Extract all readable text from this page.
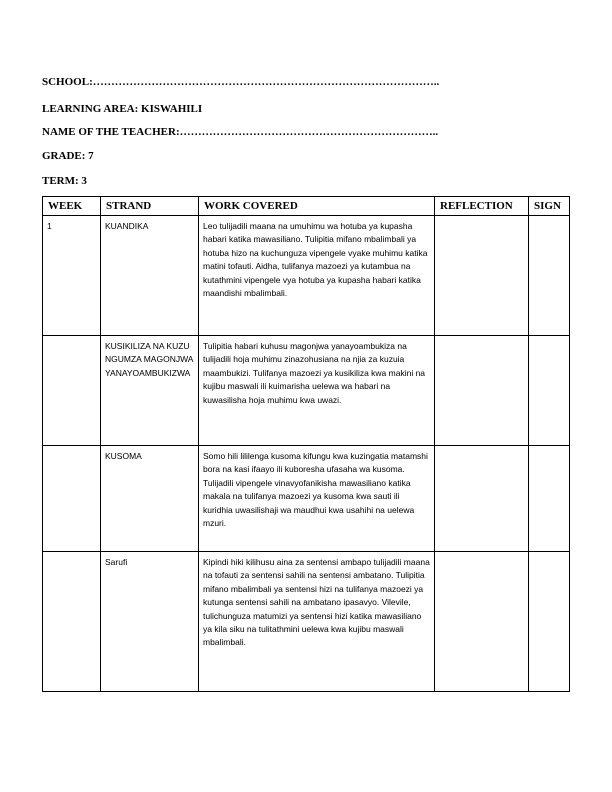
SCHOOL:…………………………………………………………………………………..
LEARNING AREA: KISWAHILI
NAME OF THE TEACHER:……………………………………………………………..
GRADE: 7
TERM: 3
WEEK	STRAND	WORK COVERED	REFLECTION	SIGN
1	KUANDIKA	Leo tulijadili maana na umuhimu wa hotuba ya kupasha habari katika mawasiliano. Tulipitia mifano mbalimbali ya hotuba hizo na kuchunguza vipengele vyake muhimu katika matini tofauti. Aidha, tulifanya mazoezi ya kutambua na kutathmini vipengele vya hotuba ya kupasha habari katika maandishi mbalimbali.		
	KUSIKILIZA NA KUZUNGUMZA MAGONJWA YANAYOAMBUKIZWA	Tulipitia habari kuhusu magonjwa yanayoambukiza na tulijadili hoja muhimu zinazohusiana na njia za kuzuia maambukizi. Tulifanya mazoezi ya kusikiliza kwa makini na kujibu maswali ili kuimarisha uelewa wa habari na kuwasilisha hoja muhimu kwa uwazi.		
	KUSOMA	Somo hili lililenga kusoma kifungu kwa kuzingatia matamshi bora na kasi ifaayo ili kuboresha ufasaha wa kusoma. Tulijadili vipengele vinavyofanikisha mawasiliano katika makala na tulifanya mazoezi ya kusoma kwa sauti ili kuridhia uwasilishaji wa maudhui kwa usahihi na uelewa mzuri.		
	Sarufi	Kipindi hiki kilihusu aina za sentensi ambapo tulijadili maana na tofauti za sentensi sahili na sentensi ambatano. Tulipitia mifano mbalimbali ya sentensi hizi na tulifanya mazoezi ya kutunga sentensi sahili na ambatano ipasavyo. Vilevile, tulichunguza matumizi ya sentensi hizi katika mawasiliano ya kila siku na tulitathmini uelewa kwa kujibu maswali mbalimbali.		
